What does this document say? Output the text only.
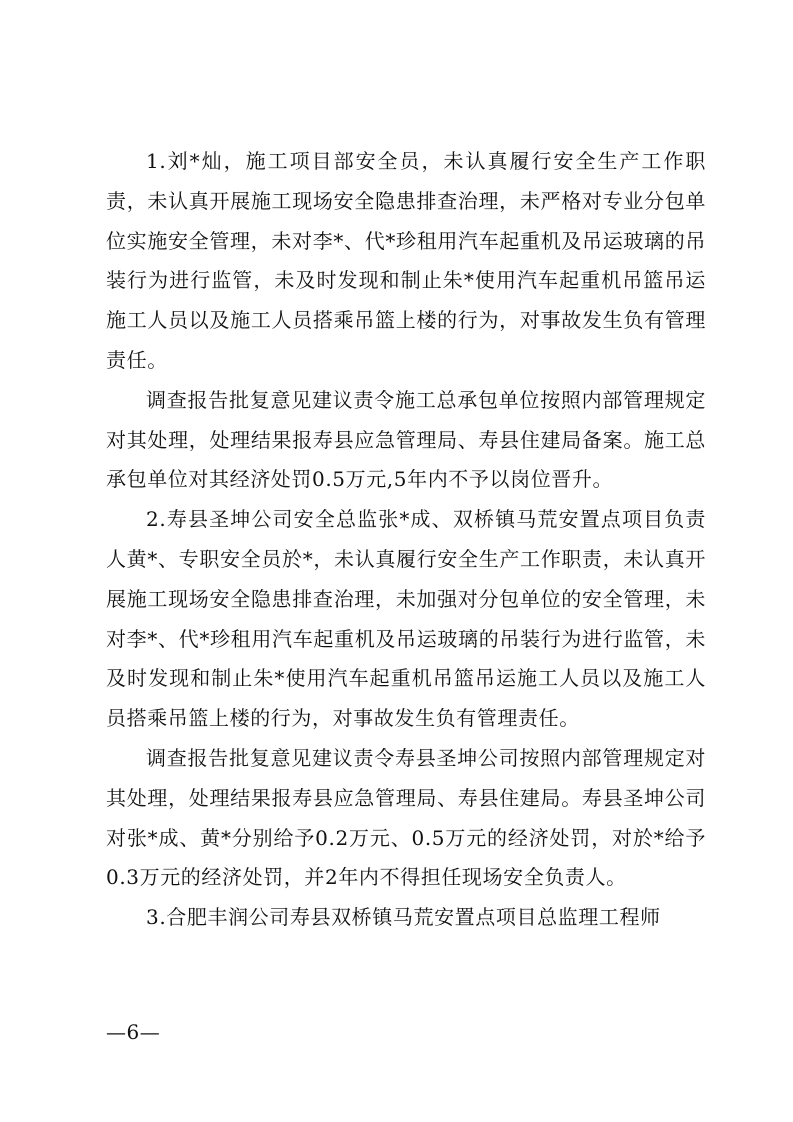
1.刘*灿，施工项目部安全员，未认真履行安全生产工作职责，未认真开展施工现场安全隐患排查治理，未严格对专业分包单位实施安全管理，未对李*、代*珍租用汽车起重机及吊运玻璃的吊装行为进行监管，未及时发现和制止朱*使用汽车起重机吊篮吊运施工人员以及施工人员搭乘吊篮上楼的行为，对事故发生负有管理责任。

调查报告批复意见建议责令施工总承包单位按照内部管理规定对其处理，处理结果报寿县应急管理局、寿县住建局备案。施工总承包单位对其经济处罚0.5万元,5年内不予以岗位晋升。

2.寿县圣坤公司安全总监张*成、双桥镇马荒安置点项目负责人黄*、专职安全员於*，未认真履行安全生产工作职责，未认真开展施工现场安全隐患排查治理，未加强对分包单位的安全管理，未对李*、代*珍租用汽车起重机及吊运玻璃的吊装行为进行监管，未及时发现和制止朱*使用汽车起重机吊篮吊运施工人员以及施工人员搭乘吊篮上楼的行为，对事故发生负有管理责任。

调查报告批复意见建议责令寿县圣坤公司按照内部管理规定对其处理，处理结果报寿县应急管理局、寿县住建局。寿县圣坤公司对张*成、黄*分别给予0.2万元、0.5万元的经济处罚，对於*给予0.3万元的经济处罚，并2年内不得担任现场安全负责人。

3.合肥丰润公司寿县双桥镇马荒安置点项目总监理工程师

—6—
